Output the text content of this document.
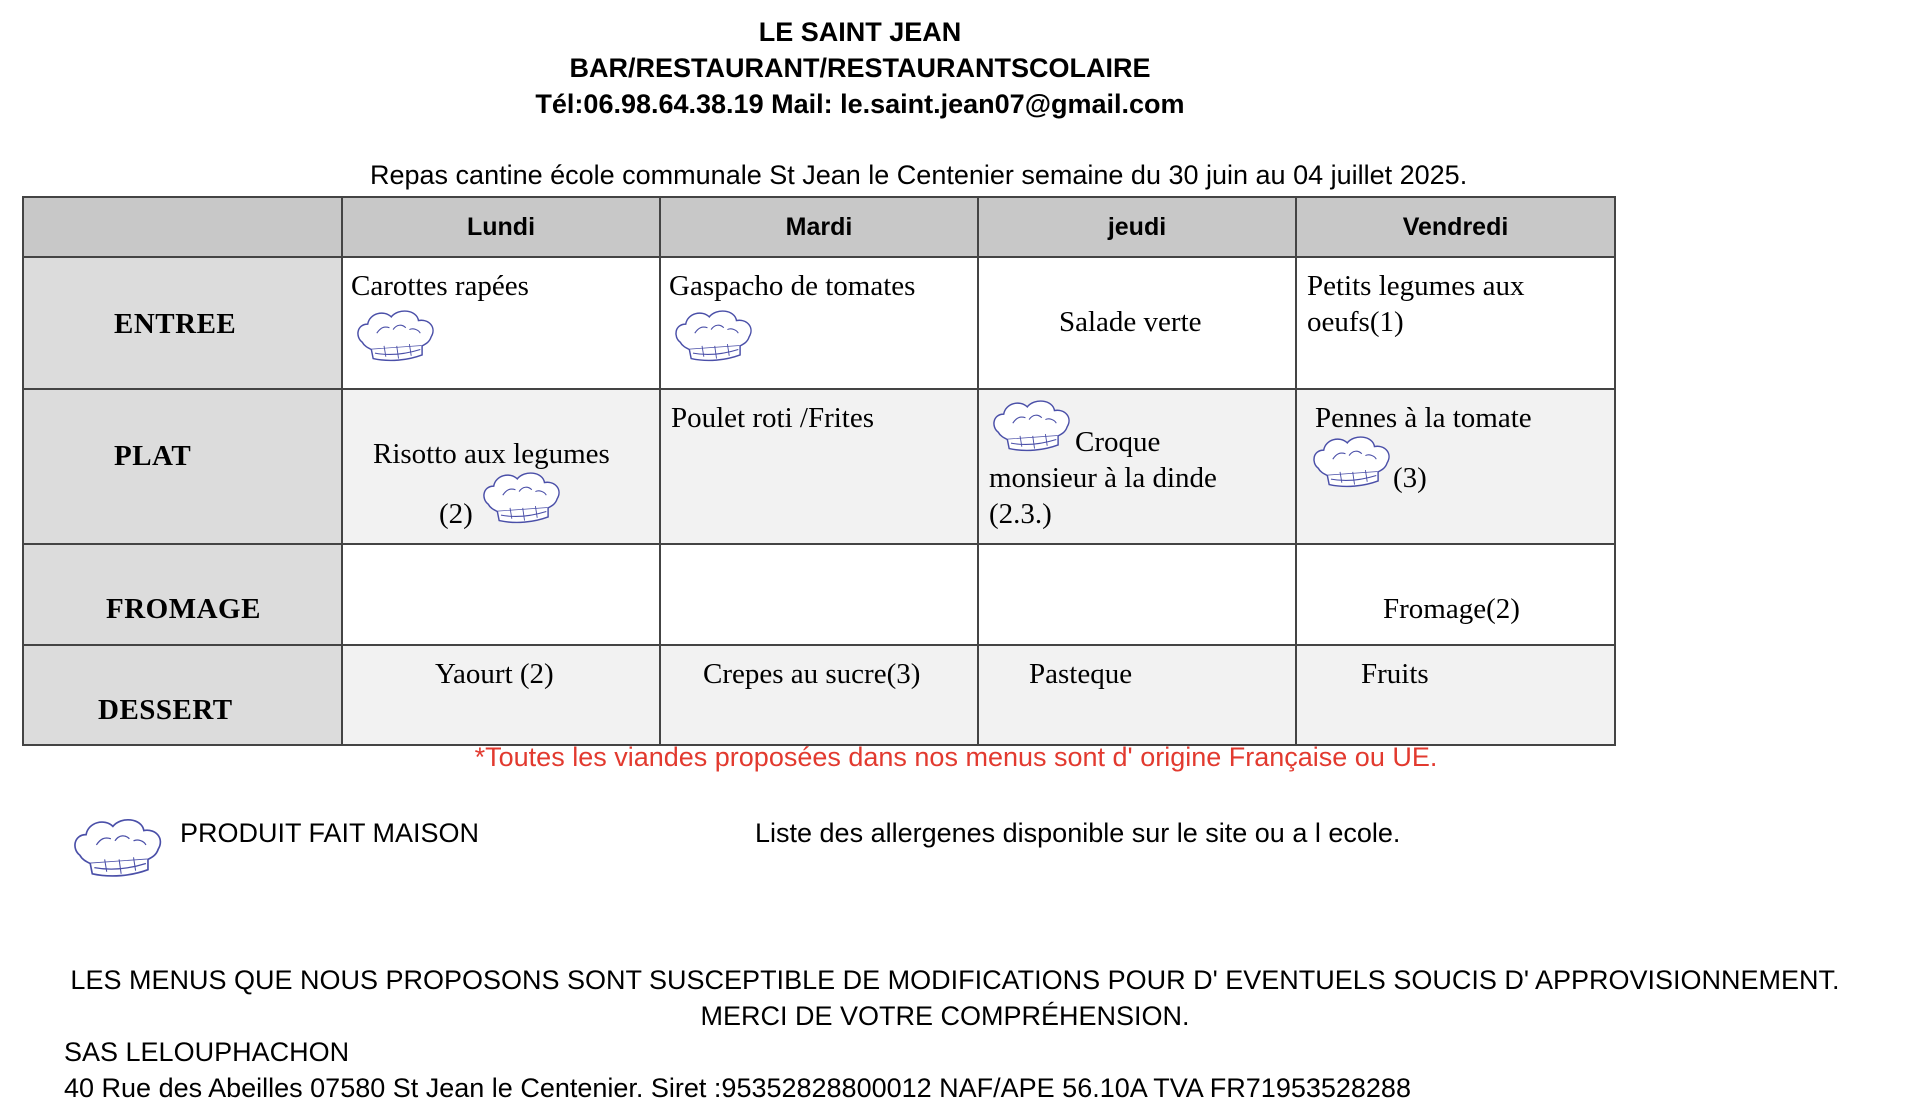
LE SAINT JEAN
BAR/RESTAURANT/RESTAURANTSCOLAIRE
Tél:06.98.64.38.19 Mail: le.saint.jean07@gmail.com
Repas cantine école communale St Jean le Centenier semaine du 30 juin au 04 juillet 2025.
	Lundi	Mardi	jeudi	Vendredi

ENTREE	Carottes rapées	Gaspacho de tomates	Salade verte	Petits legumes aux
oeufs(1)

PLAT	Risotto aux legumes
(2)	Poulet roti /Frites	Croque
monsieur à la dinde
(2.3.)	Pennes à la tomate
(3)

FROMAGE				Fromage(2)

DESSERT	Yaourt (2)	Crepes au sucre(3)	Pasteque	Fruits
*Toutes les viandes proposées dans nos menus sont d' origine Française ou UE.
PRODUIT FAIT MAISON	Liste des allergenes disponible sur le site ou a l ecole.
LES MENUS QUE NOUS PROPOSONS SONT SUSCEPTIBLE DE MODIFICATIONS POUR D' EVENTUELS SOUCIS D' APPROVISIONNEMENT.
MERCI DE VOTRE COMPRÉHENSION.
SAS LELOUPHACHON
40 Rue des Abeilles 07580 St Jean le Centenier. Siret :95352828800012 NAF/APE 56.10A TVA FR71953528288
